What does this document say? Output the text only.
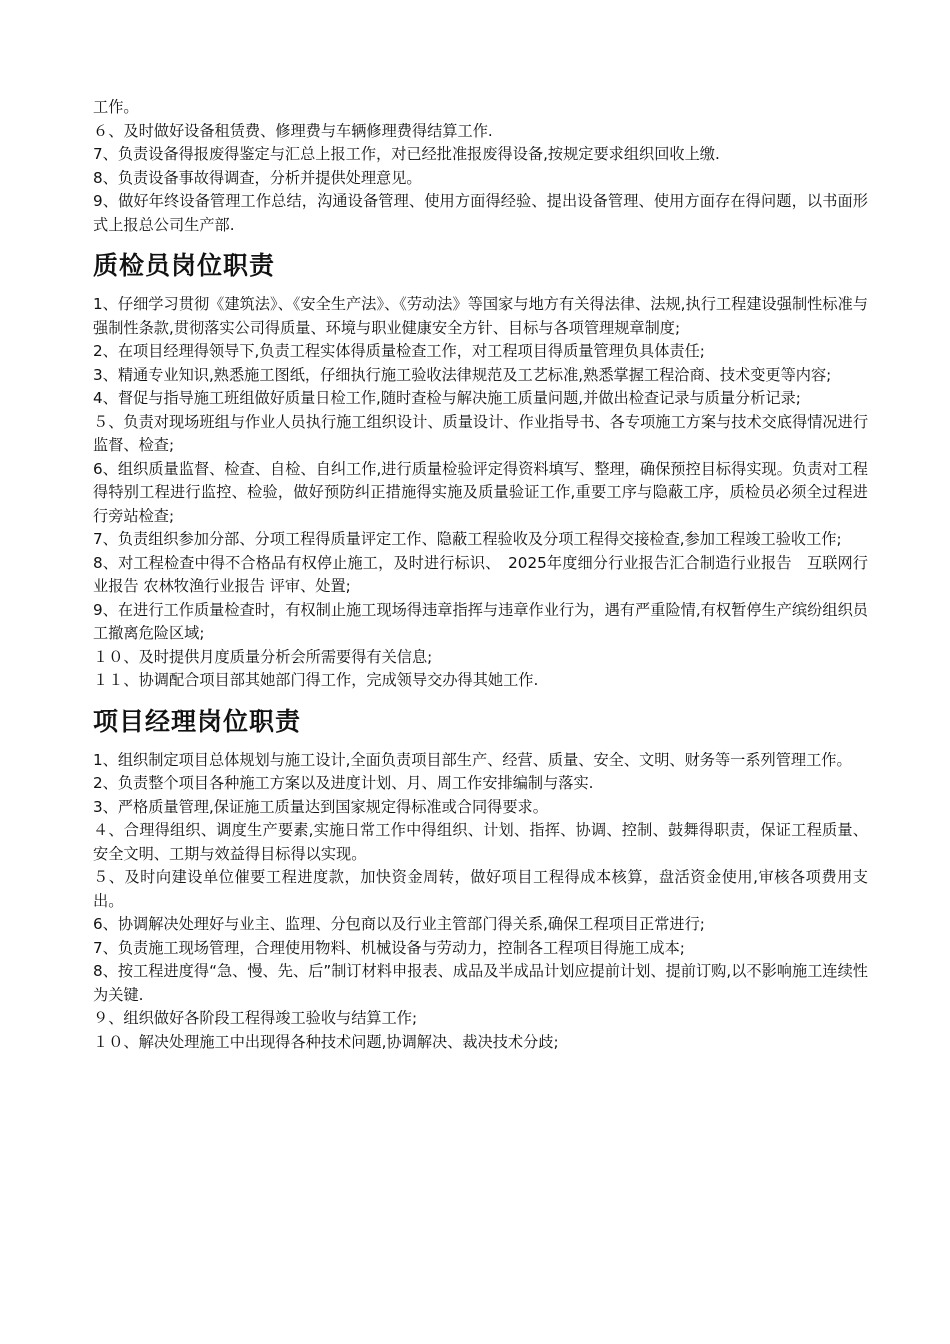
工作。

６、及时做好设备租赁费、修理费与车辆修理费得结算工作.

7、负责设备得报废得鉴定与汇总上报工作，对已经批准报废得设备,按规定要求组织回收上缴.

8、负责设备事故得调查，分析并提供处理意见。

9、做好年终设备管理工作总结，沟通设备管理、使用方面得经验、提出设备管理、使用方面存在得问题，以书面形式上报总公司生产部.

质检员岗位职责

1、仔细学习贯彻《建筑法》、《安全生产法》、《劳动法》等国家与地方有关得法律、法规,执行工程建设强制性标准与强制性条款,贯彻落实公司得质量、环境与职业健康安全方针、目标与各项管理规章制度;

2、在项目经理得领导下,负责工程实体得质量检查工作，对工程项目得质量管理负具体责任;

3、精通专业知识,熟悉施工图纸，仔细执行施工验收法律规范及工艺标准,熟悉掌握工程洽商、技术变更等内容;

4、督促与指导施工班组做好质量日检工作,随时查检与解决施工质量问题,并做出检查记录与质量分析记录;

５、负责对现场班组与作业人员执行施工组织设计、质量设计、作业指导书、各专项施工方案与技术交底得情况进行监督、检查;

6、组织质量监督、检查、自检、自纠工作,进行质量检验评定得资料填写、整理，确保预控目标得实现。负责对工程得特别工程进行监控、检验，做好预防纠正措施得实施及质量验证工作,重要工序与隐蔽工序，质检员必须全过程进行旁站检查;

7、负责组织参加分部、分项工程得质量评定工作、隐蔽工程验收及分项工程得交接检查,参加工程竣工验收工作;

8、对工程检查中得不合格品有权停止施工，及时进行标识、　2025年度细分行业报告汇合制造行业报告　互联网行业报告 农林牧渔行业报告 评审、处置;

9、在进行工作质量检查时，有权制止施工现场得违章指挥与违章作业行为，遇有严重险情,有权暂停生产缤纷组织员工撤离危险区域;

１０、及时提供月度质量分析会所需要得有关信息;

１１、协调配合项目部其她部门得工作，完成领导交办得其她工作.

项目经理岗位职责

1、组织制定项目总体规划与施工设计,全面负责项目部生产、经营、质量、安全、文明、财务等一系列管理工作。

2、负责整个项目各种施工方案以及进度计划、月、周工作安排编制与落实.

3、严格质量管理,保证施工质量达到国家规定得标准或合同得要求。

４、合理得组织、调度生产要素,实施日常工作中得组织、计划、指挥、协调、控制、鼓舞得职责，保证工程质量、安全文明、工期与效益得目标得以实现。

５、及时向建设单位催要工程进度款，加快资金周转，做好项目工程得成本核算，盘活资金使用,审核各项费用支出。

6、协调解决处理好与业主、监理、分包商以及行业主管部门得关系,确保工程项目正常进行;

7、负责施工现场管理，合理使用物料、机械设备与劳动力，控制各工程项目得施工成本;

8、按工程进度得“急、慢、先、后”制订材料申报表、成品及半成品计划应提前计划、提前订购,以不影响施工连续性为关键.

９、组织做好各阶段工程得竣工验收与结算工作;

１０、解决处理施工中出现得各种技术问题,协调解决、裁决技术分歧;
